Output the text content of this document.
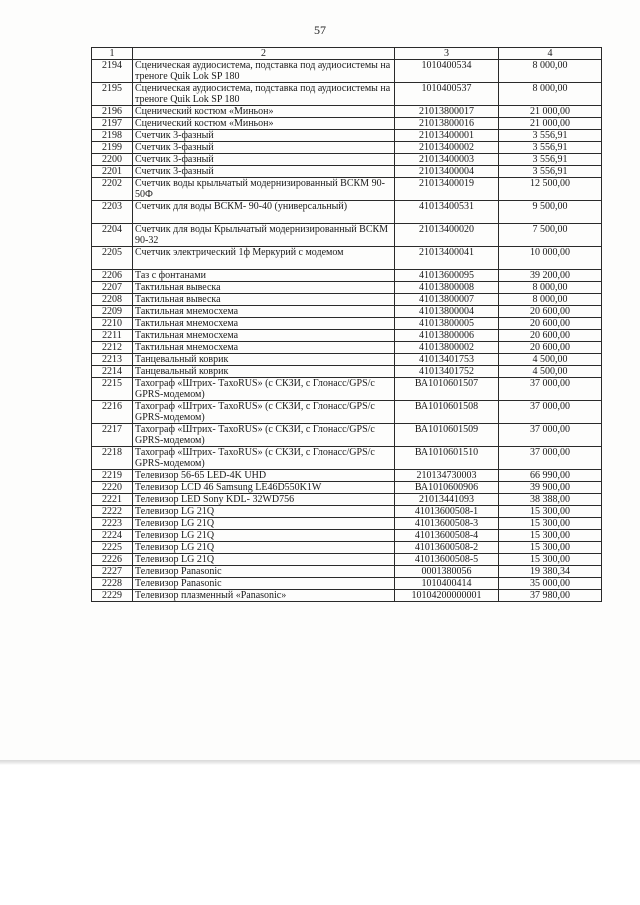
57
1	2	3	4
2194	Сценическая аудиосистема, подставка под аудиосистемы на треноге Quik Lok SP 180	1010400534	8 000,00
2195	Сценическая аудиосистема, подставка под аудиосистемы на треноге Quik Lok SP 180	1010400537	8 000,00
2196	Сценический костюм «Миньон»	21013800017	21 000,00
2197	Сценический костюм «Миньон»	21013800016	21 000,00
2198	Счетчик 3-фазный	21013400001	3 556,91
2199	Счетчик 3-фазный	21013400002	3 556,91
2200	Счетчик 3-фазный	21013400003	3 556,91
2201	Счетчик 3-фазный	21013400004	3 556,91
2202	Счетчик воды крыльчатый модернизированный ВСКМ 90-50Ф	21013400019	12 500,00
2203	Счетчик для воды ВСКМ- 90-40 (универсальный)	41013400531	9 500,00
2204	Счетчик для воды Крыльчатый модернизированный ВСКМ 90-32	21013400020	7 500,00
2205	Счетчик электрический 1ф Меркурий с модемом	21013400041	10 000,00
2206	Таз с фонтанами	41013600095	39 200,00
2207	Тактильная вывеска	41013800008	8 000,00
2208	Тактильная вывеска	41013800007	8 000,00
2209	Тактильная мнемосхема	41013800004	20 600,00
2210	Тактильная мнемосхема	41013800005	20 600,00
2211	Тактильная мнемосхема	41013800006	20 600,00
2212	Тактильная мнемосхема	41013800002	20 600,00
2213	Танцевальный коврик	41013401753	4 500,00
2214	Танцевальный коврик	41013401752	4 500,00
2215	Тахограф «Штрих- ТахоRUS» (с СКЗИ, с Глонасс/GPS/с GPRS-модемом)	ВА1010601507	37 000,00
2216	Тахограф «Штрих- ТахоRUS» (с СКЗИ, с Глонасс/GPS/с GPRS-модемом)	ВА1010601508	37 000,00
2217	Тахограф «Штрих- ТахоRUS» (с СКЗИ, с Глонасс/GPS/с GPRS-модемом)	ВА1010601509	37 000,00
2218	Тахограф «Штрих- ТахоRUS» (с СКЗИ, с Глонасс/GPS/с GPRS-модемом)	ВА1010601510	37 000,00
2219	Телевизор 56-65 LED-4K UHD	210134730003	66 990,00
2220	Телевизор LCD 46 Samsung LE46D550K1W	ВА1010600906	39 900,00
2221	Телевизор LED Sony KDL- 32WD756	21013441093	38 388,00
2222	Телевизор LG 21Q	41013600508-1	15 300,00
2223	Телевизор LG 21Q	41013600508-3	15 300,00
2224	Телевизор LG 21Q	41013600508-4	15 300,00
2225	Телевизор LG 21Q	41013600508-2	15 300,00
2226	Телевизор LG 21Q	41013600508-5	15 300,00
2227	Телевизор Panasonic	0001380056	19 380,34
2228	Телевизор Panasonic	1010400414	35 000,00
2229	Телевизор плазменный «Panasonic»	10104200000001	37 980,00
